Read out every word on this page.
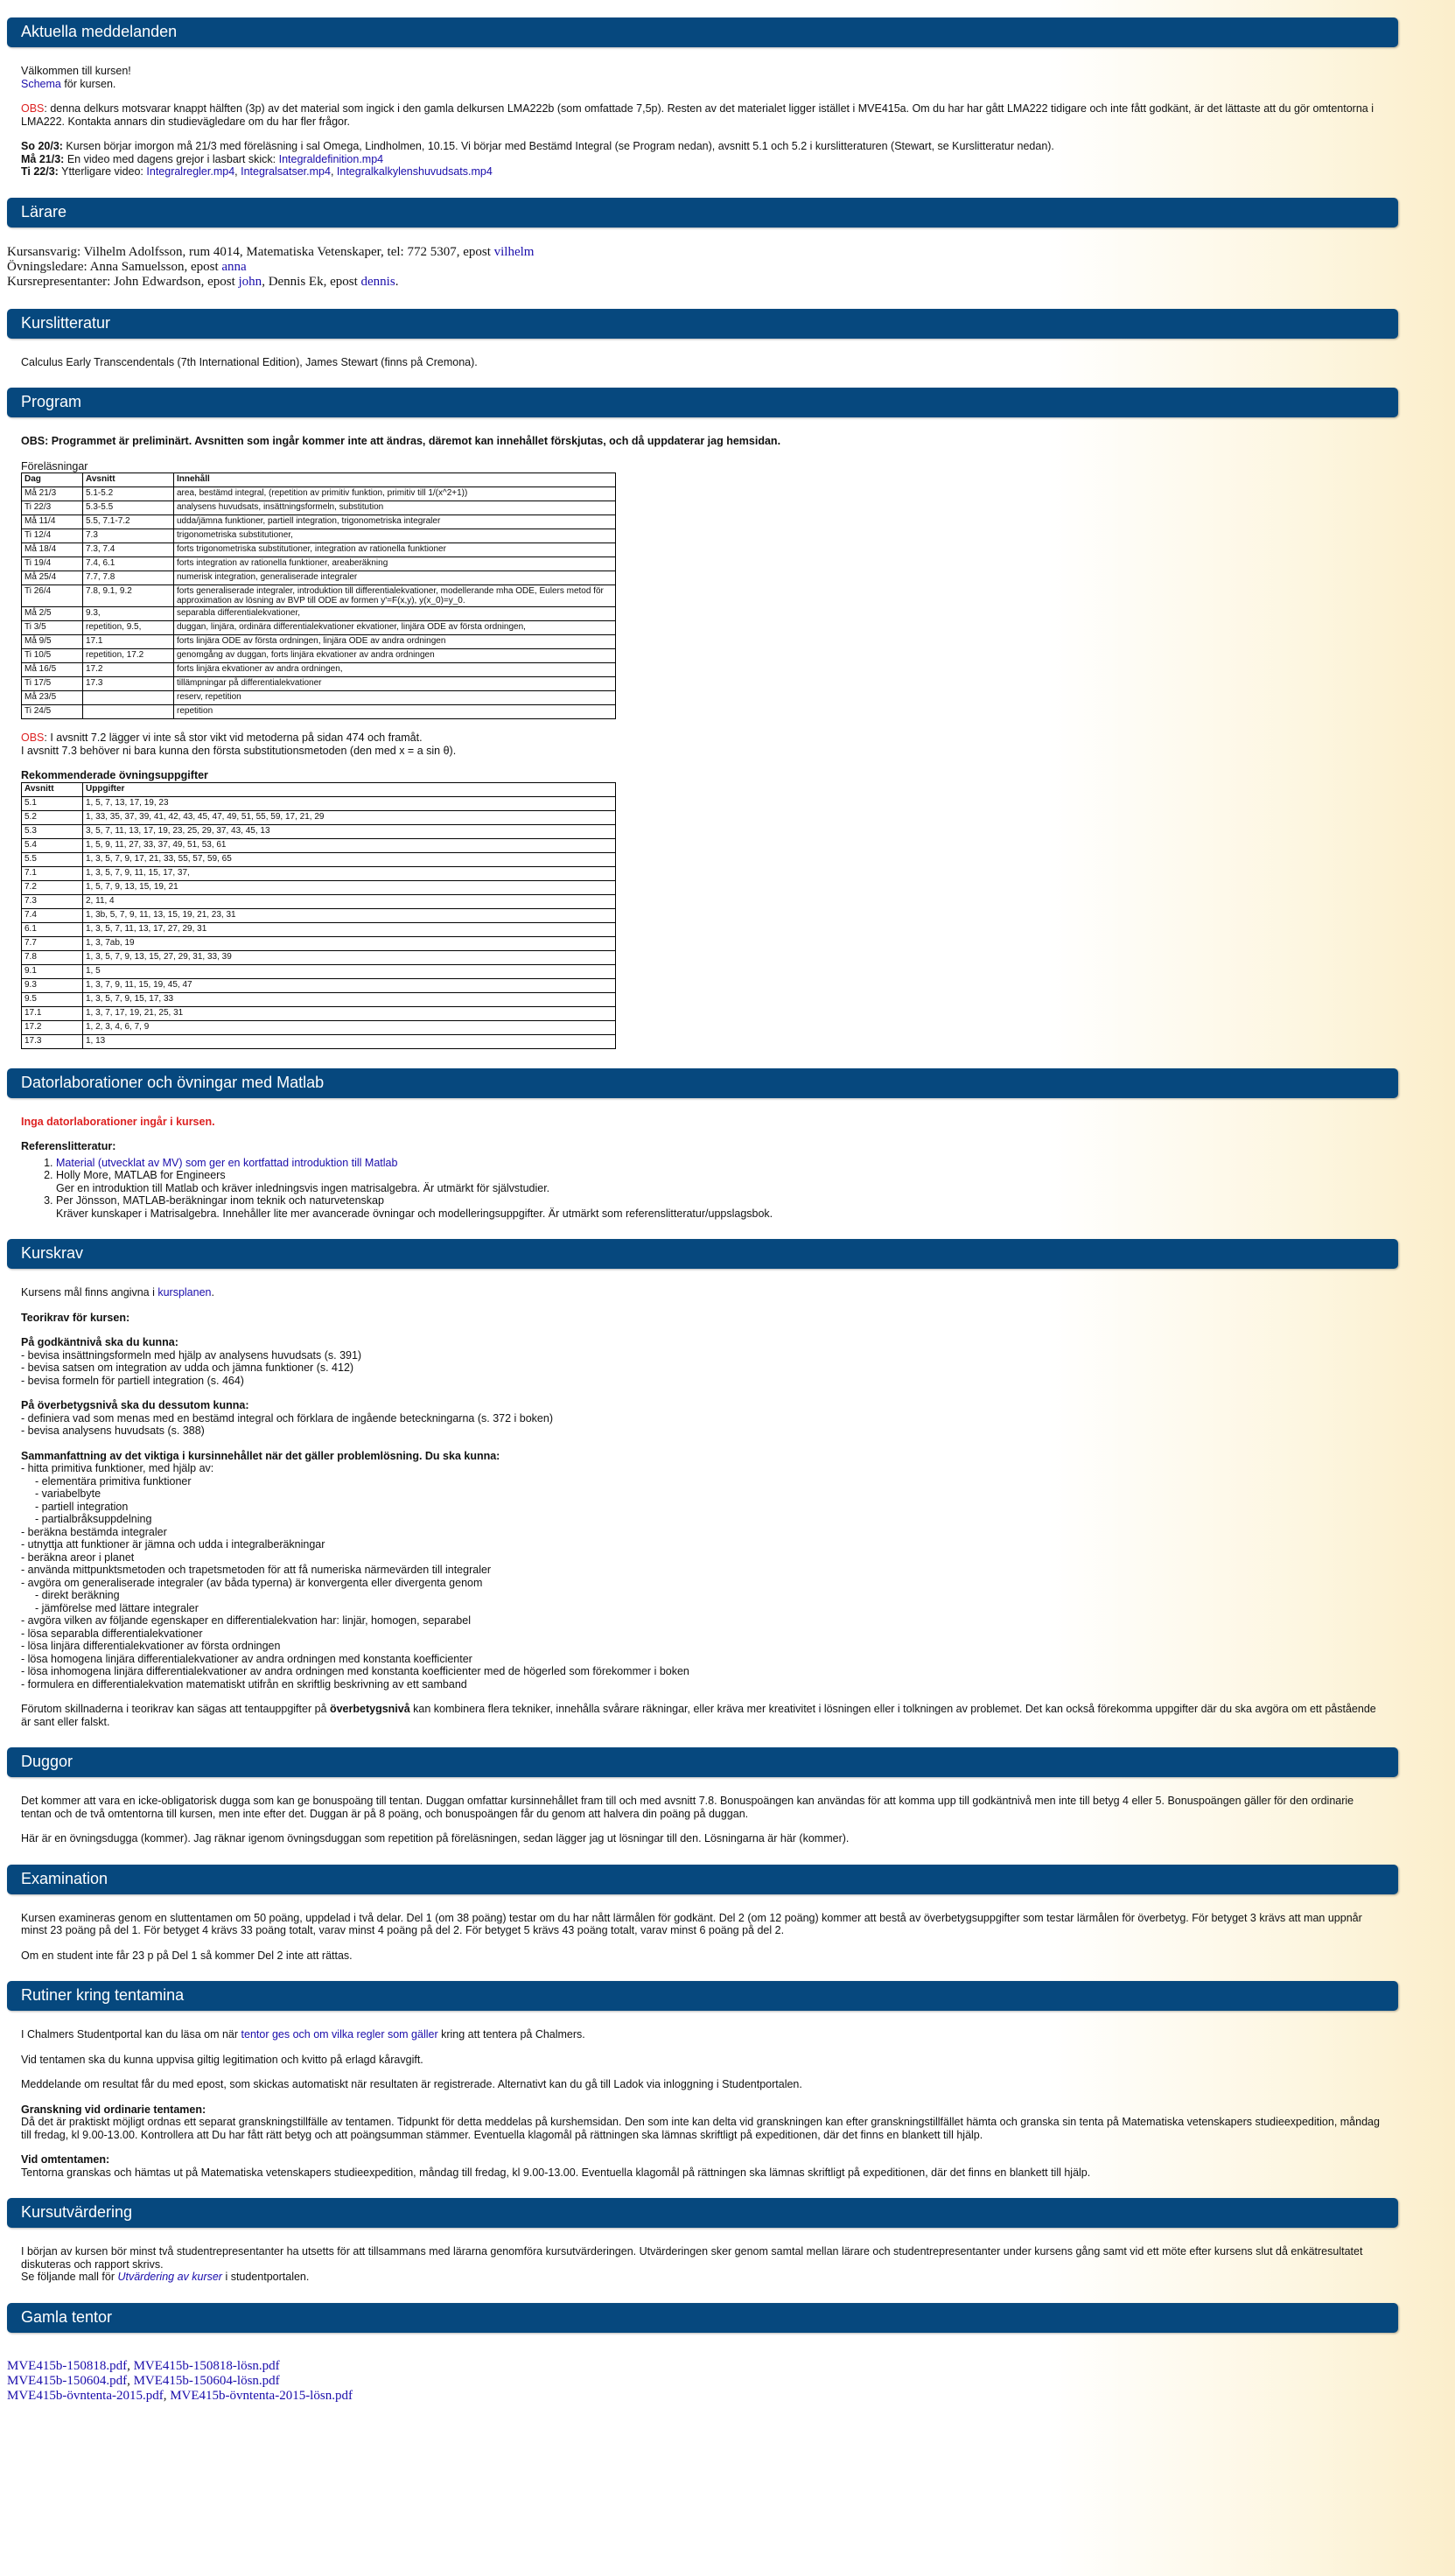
Aktuella meddelanden

Välkommen till kursen!

Schema för kursen.

OBS: denna delkurs motsvarar knappt hälften (3p) av det material som ingick i den gamla delkursen LMA222b (som omfattade 7,5p). Resten av det materialet ligger istället i MVE415a. Om du har har gått LMA222 tidigare och inte fått godkänt, är det lättaste att du gör omtentorna i LMA222. Kontakta annars din studievägledare om du har fler frågor.

So 20/3: Kursen börjar imorgon må 21/3 med föreläsning i sal Omega, Lindholmen, 10.15. Vi börjar med Bestämd Integral (se Program nedan), avsnitt 5.1 och 5.2 i kurslitteraturen (Stewart, se Kurslitteratur nedan).

Må 21/3: En video med dagens grejor i lasbart skick: Integraldefinition.mp4

Ti 22/3: Ytterligare video: Integralregler.mp4, Integralsatser.mp4, Integralkalkylenshuvudsats.mp4

Lärare

Kursansvarig: Vilhelm Adolfsson, rum 4014, Matematiska Vetenskaper, tel: 772 5307, epost vilhelm

Övningsledare: Anna Samuelsson, epost anna

Kursrepresentanter: John Edwardson, epost john, Dennis Ek, epost dennis.

Kurslitteratur

Calculus Early Transcendentals (7th International Edition), James Stewart (finns på Cremona).

Program

OBS: Programmet är preliminärt. Avsnitten som ingår kommer inte att ändras, däremot kan innehållet förskjutas, och då uppdaterar jag hemsidan.

Föreläsningar

Dag	Avsnitt	Innehåll
Må 21/3	5.1-5.2	area, bestämd integral, (repetition av primitiv funktion, primitiv till 1/(x^2+1))
Ti 22/3	5.3-5.5	analysens huvudsats, insättningsformeln, substitution
Må 11/4	5.5, 7.1-7.2	udda/jämna funktioner, partiell integration, trigonometriska integraler
Ti 12/4	7.3	trigonometriska substitutioner,
Må 18/4	7.3, 7.4	forts trigonometriska substitutioner, integration av rationella funktioner
Ti 19/4	7.4, 6.1	forts integration av rationella funktioner, areaberäkning
Må 25/4	7.7, 7.8	numerisk integration, generaliserade integraler
Ti 26/4	7.8, 9.1, 9.2	forts generaliserade integraler, introduktion till differentialekvationer, modellerande mha ODE, Eulers metod för approximation av lösning av BVP till ODE av formen y'=F(x,y), y(x_0)=y_0.
Må 2/5	9.3,	separabla differentialekvationer,
Ti 3/5	repetition, 9.5,	duggan, linjära, ordinära differentialekvationer ekvationer, linjära ODE av första ordningen,
Må 9/5	17.1	forts linjära ODE av första ordningen, linjära ODE av andra ordningen
Ti 10/5	repetition, 17.2	genomgång av duggan, forts linjära ekvationer av andra ordningen
Må 16/5	17.2	forts linjära ekvationer av andra ordningen,
Ti 17/5	17.3	tillämpningar på differentialekvationer
Må 23/5		reserv, repetition
Ti 24/5		repetition

OBS: I avsnitt 7.2 lägger vi inte så stor vikt vid metoderna på sidan 474 och framåt.

I avsnitt 7.3 behöver ni bara kunna den första substitutionsmetoden (den med x = a sin θ).

Rekommenderade övningsuppgifter

Avsnitt	Uppgifter
5.1	1, 5, 7, 13, 17, 19, 23
5.2	1, 33, 35, 37, 39, 41, 42, 43, 45, 47, 49, 51, 55, 59, 17, 21, 29
5.3	3, 5, 7, 11, 13, 17, 19, 23, 25, 29, 37, 43, 45, 13
5.4	1, 5, 9, 11, 27, 33, 37, 49, 51, 53, 61
5.5	1, 3, 5, 7, 9, 17, 21, 33, 55, 57, 59, 65
7.1	1, 3, 5, 7, 9, 11, 15, 17, 37,
7.2	1, 5, 7, 9, 13, 15, 19, 21
7.3	2, 11, 4
7.4	1, 3b, 5, 7, 9, 11, 13, 15, 19, 21, 23, 31
6.1	1, 3, 5, 7, 11, 13, 17, 27, 29, 31
7.7	1, 3, 7ab, 19
7.8	1, 3, 5, 7, 9, 13, 15, 27, 29, 31, 33, 39
9.1	1, 5
9.3	1, 3, 7, 9, 11, 15, 19, 45, 47
9.5	1, 3, 5, 7, 9, 15, 17, 33
17.1	1, 3, 7, 17, 19, 21, 25, 31
17.2	1, 2, 3, 4, 6, 7, 9
17.3	1, 13
Datorlaborationer och övningar med Matlab

Inga datorlaborationer ingår i kursen.

Referenslitteratur:

1. Material (utvecklat av MV) som ger en kortfattad introduktion till Matlab
2. Holly More, MATLAB for Engineers
Ger en introduktion till Matlab och kräver inledningsvis ingen matrisalgebra. Är utmärkt för självstudier.
3. Per Jönsson, MATLAB-beräkningar inom teknik och naturvetenskap
Kräver kunskaper i Matrisalgebra. Innehåller lite mer avancerade övningar och modelleringsuppgifter. Är utmärkt som referenslitteratur/uppslagsbok.
Kurskrav

Kursens mål finns angivna i kursplanen.

Teorikrav för kursen:

På godkäntnivå ska du kunna:

- bevisa insättningsformeln med hjälp av analysens huvudsats (s. 391)

- bevisa satsen om integration av udda och jämna funktioner (s. 412)

- bevisa formeln för partiell integration (s. 464)

På överbetygsnivå ska du dessutom kunna:

- definiera vad som menas med en bestämd integral och förklara de ingående beteckningarna (s. 372 i boken)

- bevisa analysens huvudsats (s. 388)

Sammanfattning av det viktiga i kursinnehållet när det gäller problemlösning. Du ska kunna:

- hitta primitiva funktioner, med hjälp av:

- elementära primitiva funktioner

- variabelbyte

- partiell integration

- partialbråksuppdelning

- beräkna bestämda integraler

- utnyttja att funktioner är jämna och udda i integralberäkningar

- beräkna areor i planet

- använda mittpunktsmetoden och trapetsmetoden för att få numeriska närmevärden till integraler

- avgöra om generaliserade integraler (av båda typerna) är konvergenta eller divergenta genom

- direkt beräkning

- jämförelse med lättare integraler

- avgöra vilken av följande egenskaper en differentialekvation har: linjär, homogen, separabel

- lösa separabla differentialekvationer

- lösa linjära differentialekvationer av första ordningen

- lösa homogena linjära differentialekvationer av andra ordningen med konstanta koefficienter

- lösa inhomogena linjära differentialekvationer av andra ordningen med konstanta koefficienter med de högerled som förekommer i boken

- formulera en differentialekvation matematiskt utifrån en skriftlig beskrivning av ett samband

Förutom skillnaderna i teorikrav kan sägas att tentauppgifter på överbetygsnivå kan kombinera flera tekniker, innehålla svårare räkningar, eller kräva mer kreativitet i lösningen eller i tolkningen av problemet. Det kan också förekomma uppgifter där du ska avgöra om ett påstående är sant eller falskt.

Duggor

Det kommer att vara en icke-obligatorisk dugga som kan ge bonuspoäng till tentan. Duggan omfattar kursinnehållet fram till och med avsnitt 7.8. Bonuspoängen kan användas för att komma upp till godkäntnivå men inte till betyg 4 eller 5. Bonuspoängen gäller för den ordinarie tentan och de två omtentorna till kursen, men inte efter det. Duggan är på 8 poäng, och bonuspoängen får du genom att halvera din poäng på duggan.

Här är en övningsdugga (kommer). Jag räknar igenom övningsduggan som repetition på föreläsningen, sedan lägger jag ut lösningar till den. Lösningarna är här (kommer).

Examination

Kursen examineras genom en sluttentamen om 50 poäng, uppdelad i två delar. Del 1 (om 38 poäng) testar om du har nått lärmålen för godkänt. Del 2 (om 12 poäng) kommer att bestå av överbetygsuppgifter som testar lärmålen för överbetyg. För betyget 3 krävs att man uppnår minst 23 poäng på del 1. För betyget 4 krävs 33 poäng totalt, varav minst 4 poäng på del 2. För betyget 5 krävs 43 poäng totalt, varav minst 6 poäng på del 2.

Om en student inte får 23 p på Del 1 så kommer Del 2 inte att rättas.

Rutiner kring tentamina

I Chalmers Studentportal kan du läsa om när tentor ges och om vilka regler som gäller kring att tentera på Chalmers.

Vid tentamen ska du kunna uppvisa giltig legitimation och kvitto på erlagd kåravgift.

Meddelande om resultat får du med epost, som skickas automatiskt när resultaten är registrerade. Alternativt kan du gå till Ladok via inloggning i Studentportalen.

Granskning vid ordinarie tentamen:

Då det är praktiskt möjligt ordnas ett separat granskningstillfälle av tentamen. Tidpunkt för detta meddelas på kurshemsidan. Den som inte kan delta vid granskningen kan efter granskningstillfället hämta och granska sin tenta på Matematiska vetenskapers studieexpedition, måndag till fredag, kl 9.00-13.00. Kontrollera att Du har fått rätt betyg och att poängsumman stämmer. Eventuella klagomål på rättningen ska lämnas skriftligt på expeditionen, där det finns en blankett till hjälp.

Vid omtentamen:

Tentorna granskas och hämtas ut på Matematiska vetenskapers studieexpedition, måndag till fredag, kl 9.00-13.00. Eventuella klagomål på rättningen ska lämnas skriftligt på expeditionen, där det finns en blankett till hjälp.

Kursutvärdering

I början av kursen bör minst två studentrepresentanter ha utsetts för att tillsammans med lärarna genomföra kursutvärderingen. Utvärderingen sker genom samtal mellan lärare och studentrepresentanter under kursens gång samt vid ett möte efter kursens slut då enkätresultatet diskuteras och rapport skrivs.

Se följande mall för Utvärdering av kurser i studentportalen.

Gamla tentor

MVE415b-150818.pdf, MVE415b-150818-lösn.pdf

MVE415b-150604.pdf, MVE415b-150604-lösn.pdf

MVE415b-övntenta-2015.pdf, MVE415b-övntenta-2015-lösn.pdf
